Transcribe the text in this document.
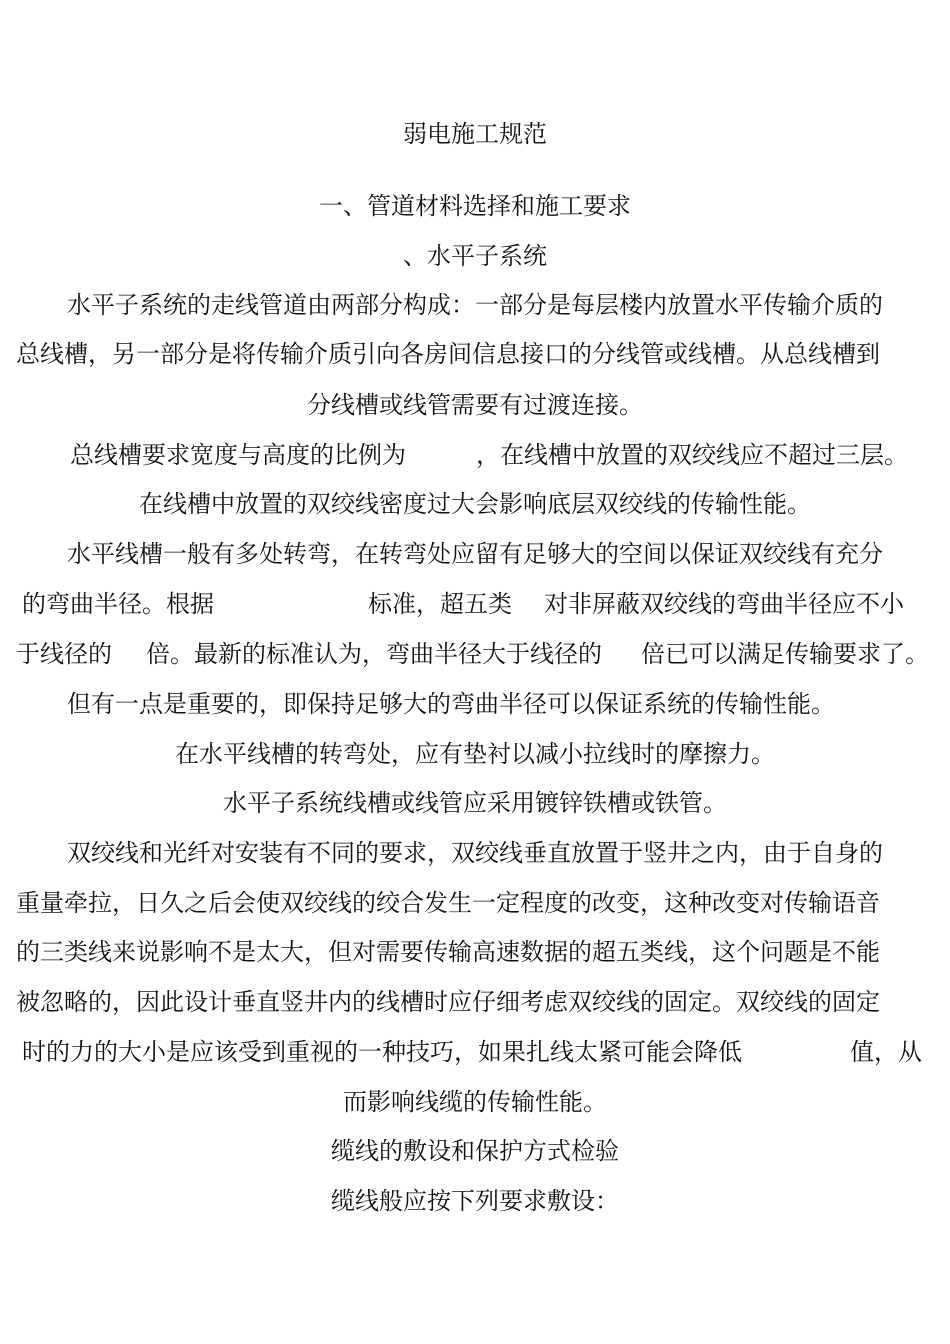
弱电施工规范
一、管道材料选择和施工要求
、水平子系统
水平子系统的走线管道由两部分构成：一部分是每层楼内放置水平传输介质的
总线槽，另一部分是将传输介质引向各房间信息接口的分线管或线槽。从总线槽到
分线槽或线管需要有过渡连接。
总线槽要求宽度与高度的比例为	，在线槽中放置的双绞线应不超过三层。
在线槽中放置的双绞线密度过大会影响底层双绞线的传输性能。
水平线槽一般有多处转弯，在转弯处应留有足够大的空间以保证双绞线有充分
的弯曲半径。根据	标准，超五类	对非屏蔽双绞线的弯曲半径应不小
于线径的	倍。最新的标准认为，弯曲半径大于线径的	倍已可以满足传输要求了。
但有一点是重要的，即保持足够大的弯曲半径可以保证系统的传输性能。
在水平线槽的转弯处，应有垫衬以减小拉线时的摩擦力。
水平子系统线槽或线管应采用镀锌铁槽或铁管。
双绞线和光纤对安装有不同的要求，双绞线垂直放置于竖井之内，由于自身的
重量牵拉，日久之后会使双绞线的绞合发生一定程度的改变，这种改变对传输语音
的三类线来说影响不是太大，但对需要传输高速数据的超五类线，这个问题是不能
被忽略的，因此设计垂直竖井内的线槽时应仔细考虑双绞线的固定。双绞线的固定
时的力的大小是应该受到重视的一种技巧，如果扎线太紧可能会降低	值，从
而影响线缆的传输性能。
缆线的敷设和保护方式检验
缆线般应按下列要求敷设：
